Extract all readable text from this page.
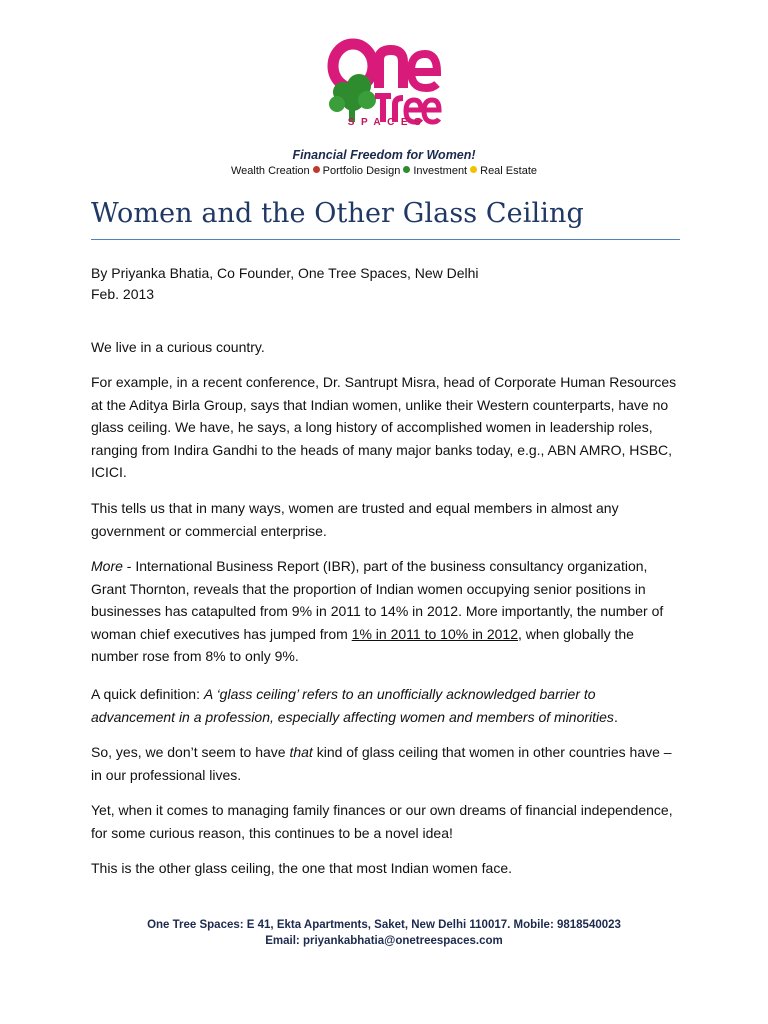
SPACES
Financial Freedom for Women!
Wealth Creation Portfolio Design Investment Real Estate
Women and the Other Glass Ceiling
By Priyanka Bhatia, Co Founder, One Tree Spaces, New Delhi
Feb. 2013

We live in a curious country.

For example, in a recent conference, Dr. Santrupt Misra, head of Corporate Human Resources at the Aditya Birla Group, says that Indian women, unlike their Western counterparts, have no glass ceiling. We have, he says, a long history of accomplished women in leadership roles, ranging from Indira Gandhi to the heads of many major banks today, e.g., ABN AMRO, HSBC, ICICI.

This tells us that in many ways, women are trusted and equal members in almost any government or commercial enterprise.

More - International Business Report (IBR), part of the business consultancy organization, Grant Thornton, reveals that the proportion of Indian women occupying senior positions in businesses has catapulted from 9% in 2011 to 14% in 2012. More importantly, the number of woman chief executives has jumped from 1% in 2011 to 10% in 2012, when globally the number rose from 8% to only 9%.

A quick definition: A ‘glass ceiling’ refers to an unofficially acknowledged barrier to advancement in a profession, especially affecting women and members of minorities.

So, yes, we don’t seem to have that kind of glass ceiling that women in other countries have – in our professional lives.

Yet, when it comes to managing family finances or our own dreams of financial independence, for some curious reason, this continues to be a novel idea!

This is the other glass ceiling, the one that most Indian women face.

One Tree Spaces: E 41, Ekta Apartments, Saket, New Delhi 110017. Mobile: 9818540023
Email: priyankabhatia@onetreespaces.com
